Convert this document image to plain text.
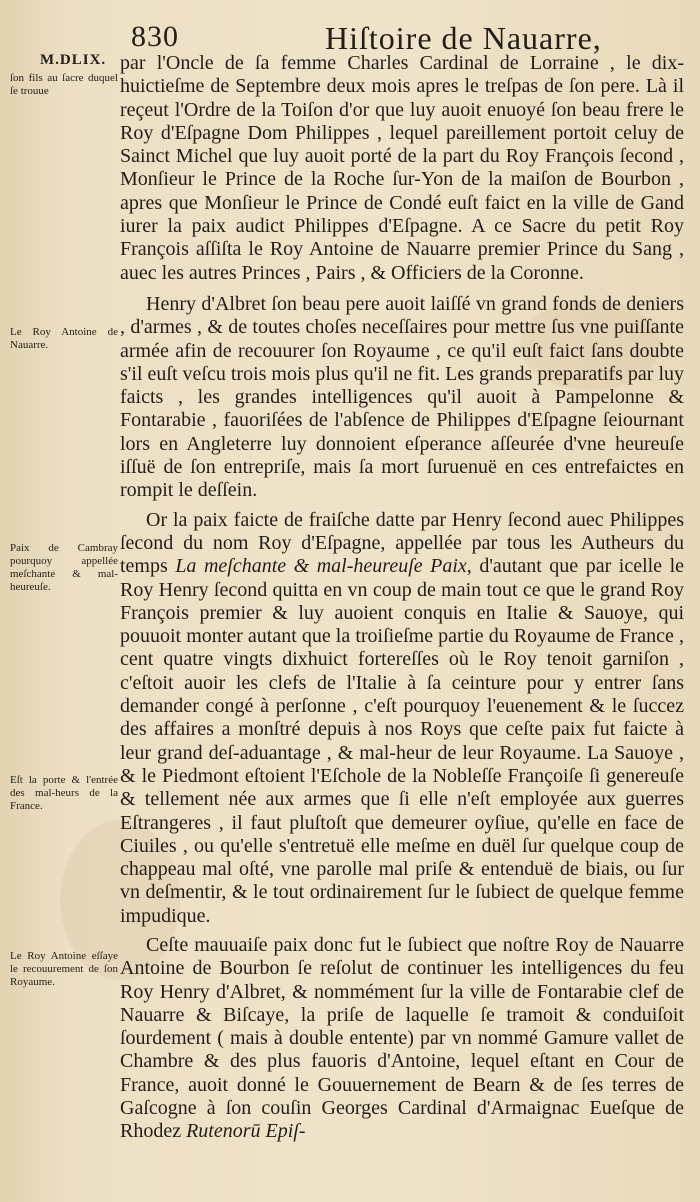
830	Hiſtoire de Nauarre,
M.DLIX.
ſon fils au ſacre duquel ſe trouue
Le Roy Antoine de Nauarre.
Paix de Cambray pourquoy appellée meſchante & mal-heureuſe.
Eſt la porte & l'entrée des mal-heurs de la France.
Le Roy Antoine eſſaye le recouurement de ſon Royaume.

par l'Oncle de ſa femme Charles Cardinal de Lorraine , le dix-huictieſme de Septembre deux mois apres le treſpas de ſon pere. Là il reçeut l'Ordre de la Toiſon d'or que luy auoit enuoyé ſon beau frere le Roy d'Eſpagne Dom Philippes , lequel pareillement portoit celuy de Sainct Michel que luy auoit porté de la part du Roy François ſecond , Monſieur le Prince de la Roche ſur-Yon de la maiſon de Bourbon , apres que Monſieur le Prince de Condé euſt faict en la ville de Gand iurer la paix audict Philippes d'Eſpagne. A ce Sacre du petit Roy François aſſiſta le Roy Antoine de Nauarre premier Prince du Sang , auec les autres Princes , Pairs , & Officiers de la Coronne.

Henry d'Albret ſon beau pere auoit laiſſé vn grand fonds de deniers , d'armes , & de toutes choſes neceſſaires pour mettre ſus vne puiſſante armée afin de recouurer ſon Royaume , ce qu'il euſt faict ſans doubte s'il euſt veſcu trois mois plus qu'il ne fit. Les grands preparatifs par luy faicts , les grandes intelligences qu'il auoit à Pampelonne & Fontarabie , fauoriſées de l'abſence de Philippes d'Eſpagne ſeiournant lors en Angleterre luy donnoient eſperance aſſeurée d'vne heureuſe iſſuë de ſon entrepriſe, mais ſa mort ſuruenuë en ces entrefaictes en rompit le deſſein.

Or la paix faicte de fraiſche datte par Henry ſecond auec Philippes ſecond du nom Roy d'Eſpagne, appellée par tous les Autheurs du temps La meſchante & mal-heureuſe Paix, d'autant que par icelle le Roy Henry ſecond quitta en vn coup de main tout ce que le grand Roy François premier & luy auoient conquis en Italie & Sauoye, qui pouuoit monter autant que la troiſieſme partie du Royaume de France , cent quatre vingts dixhuict fortereſſes où le Roy tenoit garniſon , c'eſtoit auoir les clefs de l'Italie à ſa ceinture pour y entrer ſans demander congé à perſonne , c'eſt pourquoy l'euenement & le ſuccez des affaires a monſtré depuis à nos Roys que ceſte paix fut faicte à leur grand deſ-aduantage , & mal-heur de leur Royaume. La Sauoye , & le Piedmont eſtoient l'Eſchole de la Nobleſſe Françoiſe ſi genereuſe & tellement née aux armes que ſi elle n'eſt employée aux guerres Eſtrangeres , il faut pluſtoſt que demeurer oyſiue, qu'elle en face de Ciuiles , ou qu'elle s'entretuë elle meſme en duël ſur quelque coup de chappeau mal oſté, vne parolle mal priſe & entenduë de biais, ou ſur vn deſmentir, & le tout ordinairement ſur le ſubiect de quelque femme impudique.

Ceſte mauuaiſe paix donc fut le ſubiect que noſtre Roy de Nauarre Antoine de Bourbon ſe reſolut de continuer les intelligences du feu Roy Henry d'Albret, & nommément ſur la ville de Fontarabie clef de Nauarre & Biſcaye, la priſe de laquelle ſe tramoit & conduiſoit ſourdement ( mais à double entente) par vn nommé Gamure vallet de Chambre & des plus fauoris d'Antoine, lequel eſtant en Cour de France, auoit donné le Gouuernement de Bearn & de ſes terres de Gaſcogne à ſon couſin Georges Cardinal d'Armaignac Eueſque de Rhodez Rutenorū Epiſ-
